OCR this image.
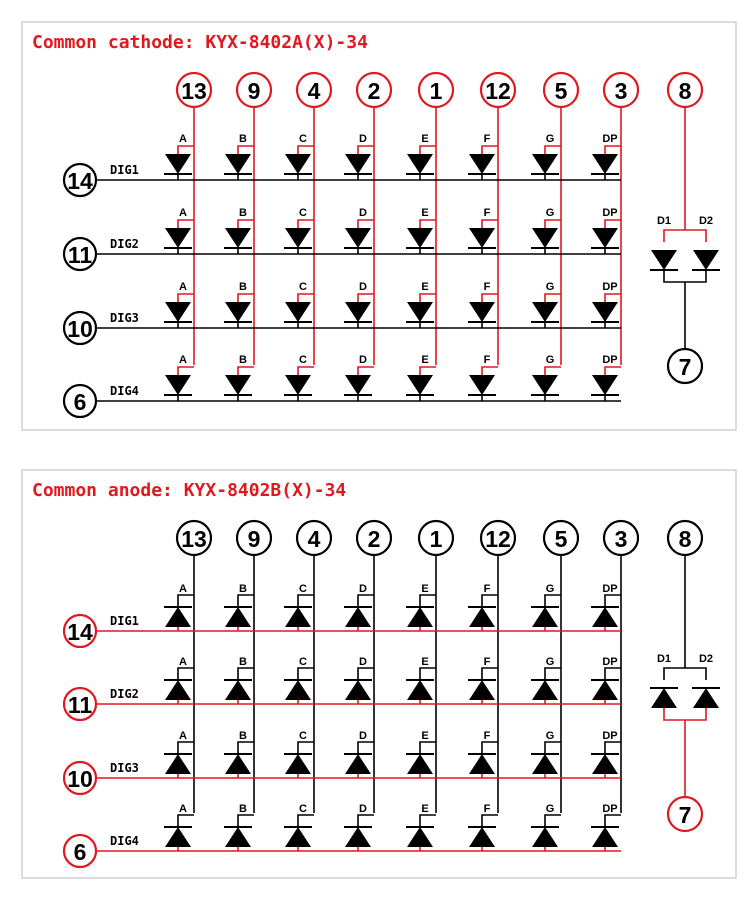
Common cathode: KYX-8402A(X)-34
A
A
A
A
13
B
B
B
B
9
C
C
C
C
4
D
D
D
D
2
E
E
E
E
1
F
F
F
F
12
G
G
G
G
5
DP
DP
DP
DP
3
14 DIG1
11 DIG2
10 DIG3
6 DIG4
8
D1	D2
7
Common anode: KYX-8402B(X)-34
A
A
A
A
13
B
B
B
B
9
C
C
C
C
4
D
D
D
D
2
E
E
E
E
1
F
F
F
F
12
G
G
G
G
5
DP
DP
DP
DP
3
14 DIG1
11 DIG2
10 DIG3
6 DIG4
8
D1	D2
7
